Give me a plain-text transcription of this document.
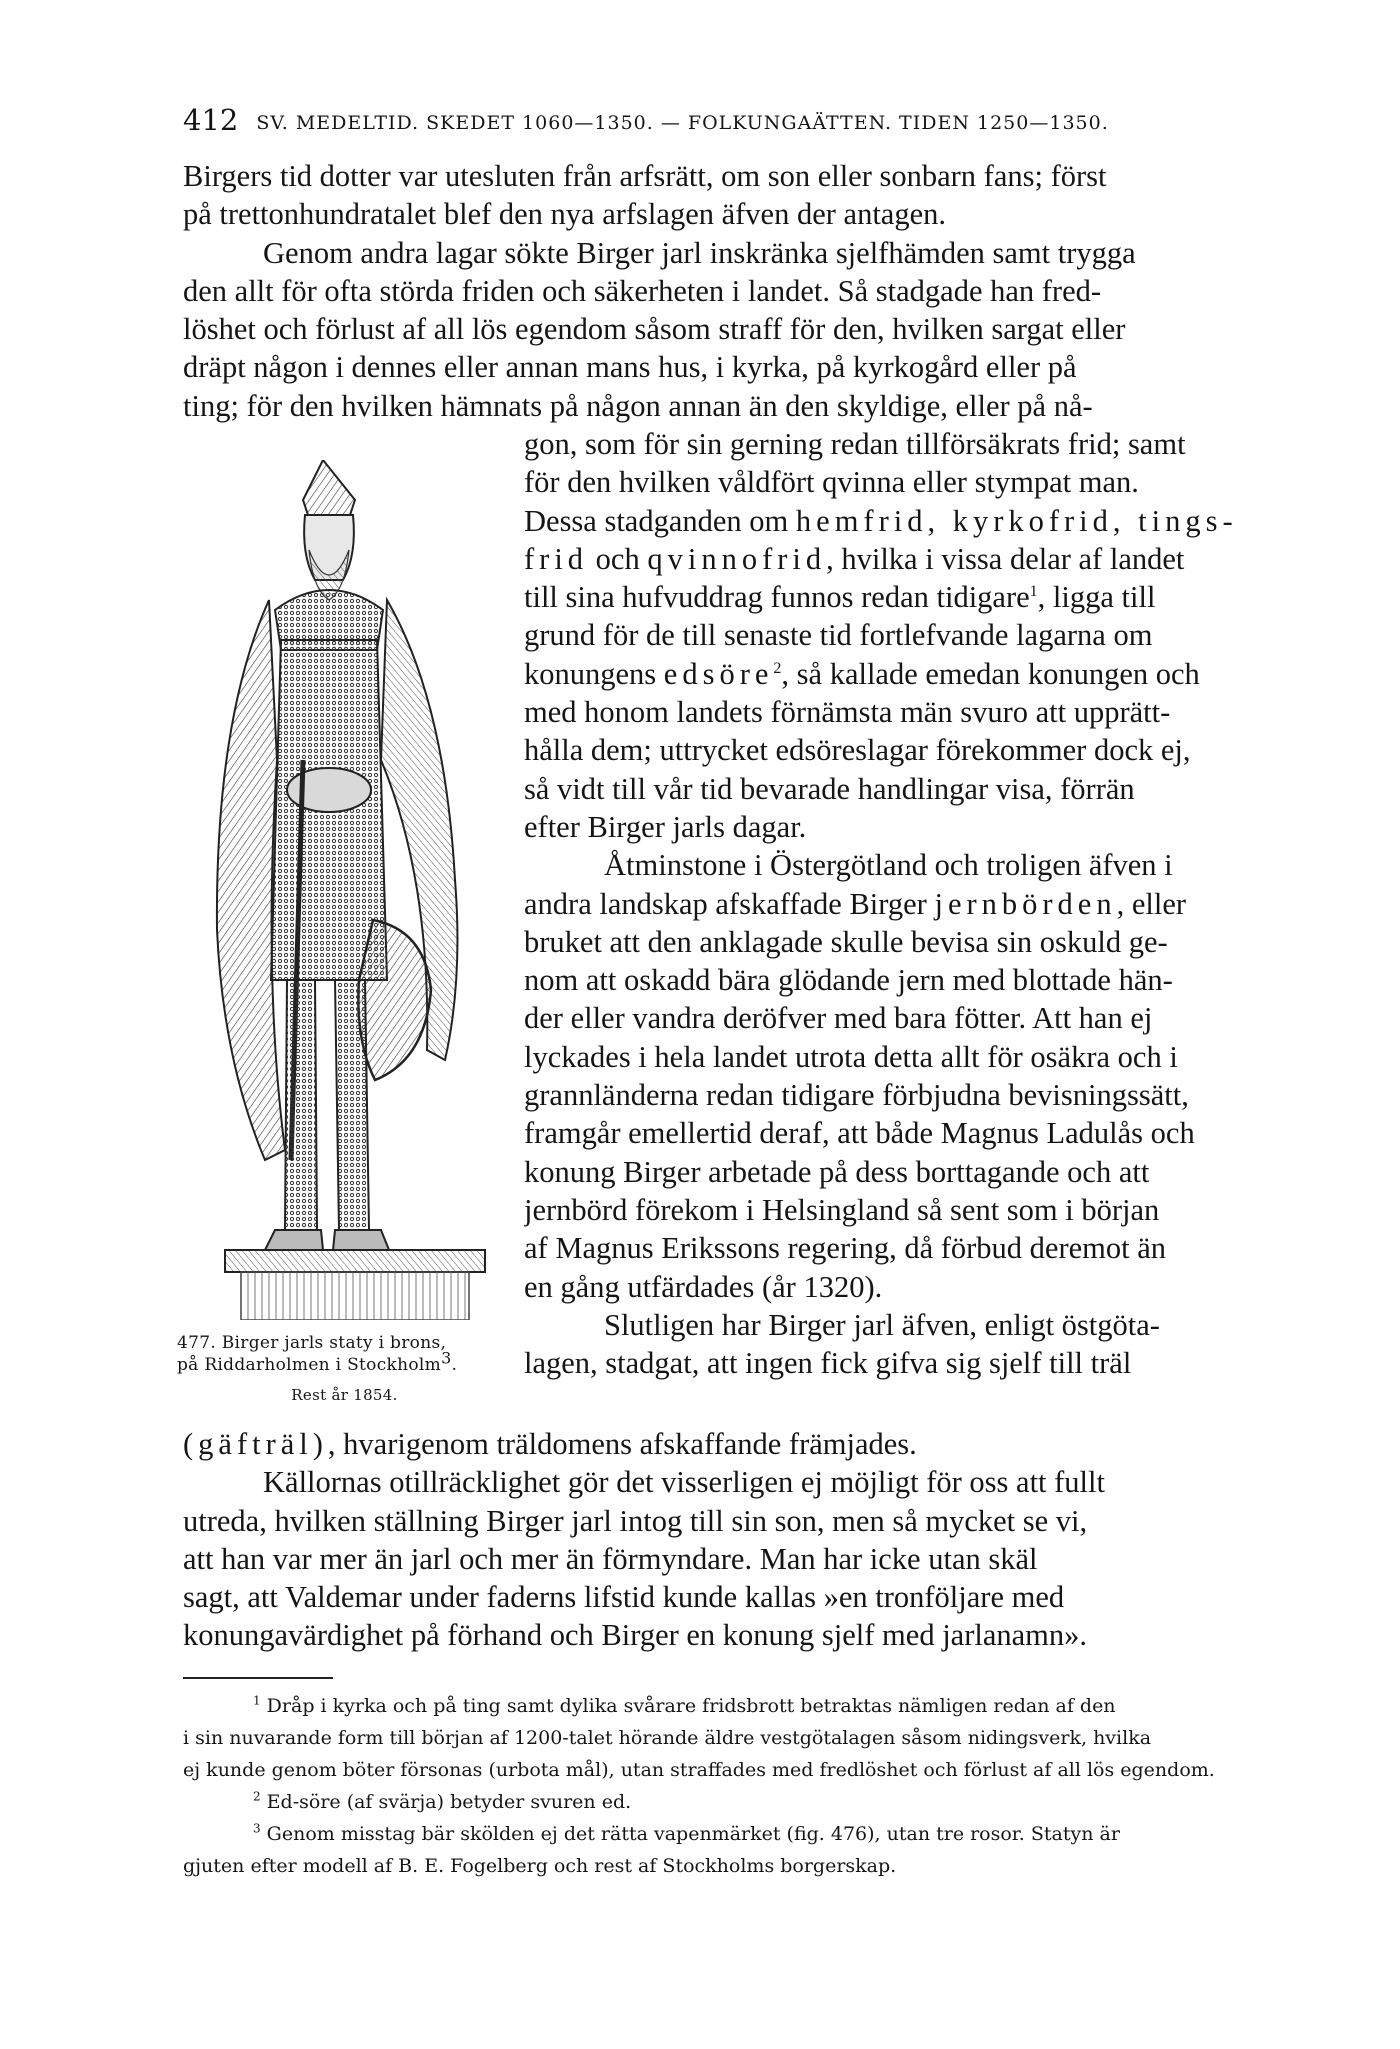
412 SV. MEDELTID. SKEDET 1060—1350. — FOLKUNGAÄTTEN. TIDEN 1250—1350.
Birgers tid dotter var utesluten från arfsrätt, om son eller sonbarn fans; först
på trettonhundratalet blef den nya arfslagen äfven der antagen.
Genom andra lagar sökte Birger jarl inskränka sjelfhämden samt trygga
den allt för ofta störda friden och säkerheten i landet. Så stadgade han fred-
löshet och förlust af all lös egendom såsom straff för den, hvilken sargat eller
dräpt någon i dennes eller annan mans hus, i kyrka, på kyrkogård eller på
ting; för den hvilken hämnats på någon annan än den skyldige, eller på nå-
gon, som för sin gerning redan tillförsäkrats frid; samt
för den hvilken våldfört qvinna eller stympat man.
Dessa stadganden om hemfrid, kyrkofrid, tings-
frid och qvinnofrid, hvilka i vissa delar af landet
till sina hufvuddrag funnos redan tidigare$^1$, ligga till
grund för de till senaste tid fortlefvande lagarna om
konungens edsöre$^2$, så kallade emedan konungen och
med honom landets förnämsta män svuro att upprätt-
hålla dem; uttrycket edsöreslagar förekommer dock ej,
så vidt till vår tid bevarade handlingar visa, förrän
efter Birger jarls dagar.
Åtminstone i Östergötland och troligen äfven i
andra landskap afskaffade Birger jernbörden, eller
bruket att den anklagade skulle bevisa sin oskuld ge-
nom att oskadd bära glödande jern med blottade hän-
der eller vandra deröfver med bara fötter. Att han ej
lyckades i hela landet utrota detta allt för osäkra och i
grannländerna redan tidigare förbjudna bevisningssätt,
framgår emellertid deraf, att både Magnus Ladulås och
konung Birger arbetade på dess borttagande och att
jernbörd förekom i Helsingland så sent som i början
af Magnus Erikssons regering, då förbud deremot än
en gång utfärdades (år 1320).
Slutligen har Birger jarl äfven, enligt östgöta-
lagen, stadgat, att ingen fick gifva sig sjelf till träl
477. Birger jarls staty i brons,
på Riddarholmen i Stockholm$^3$.
Rest år 1854.
(gäfträl), hvarigenom träldomens afskaffande främjades.
Källornas otillräcklighet gör det visserligen ej möjligt för oss att fullt
utreda, hvilken ställning Birger jarl intog till sin son, men så mycket se vi,
att han var mer än jarl och mer än förmyndare. Man har icke utan skäl
sagt, att Valdemar under faderns lifstid kunde kallas »en tronföljare med
konungavärdighet på förhand och Birger en konung sjelf med jarlanamn».
$^1$ Dråp i kyrka och på ting samt dylika svårare fridsbrott betraktas nämligen redan af den
i sin nuvarande form till början af 1200-talet hörande äldre vestgötalagen såsom nidingsverk, hvilka
ej kunde genom böter försonas (urbota mål), utan straffades med fredlöshet och förlust af all lös egendom.
$^2$ Ed-söre (af svärja) betyder svuren ed.
$^3$ Genom misstag bär skölden ej det rätta vapenmärket (fig. 476), utan tre rosor. Statyn är
gjuten efter modell af B. E. Fogelberg och rest af Stockholms borgerskap.
